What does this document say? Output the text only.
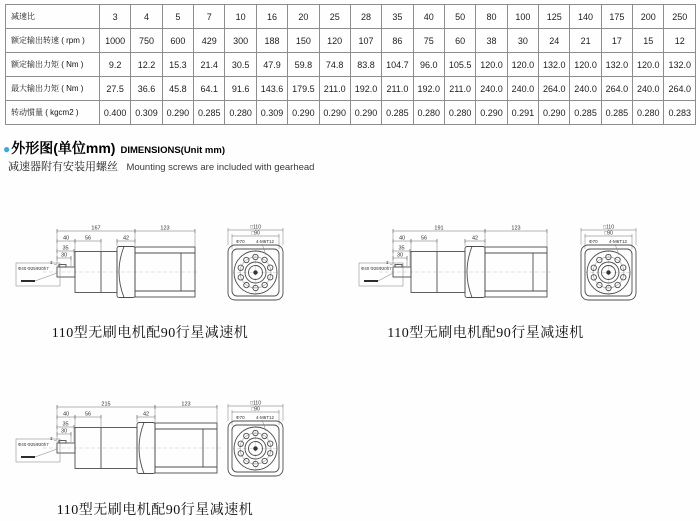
减速比	3	4	5	7	10	16	20	25	28	35	40	50	80	100	125	140	175	200	250
额定输出转速 ( rpm )	1000	750	600	429	300	188	150	120	107	86	75	60	38	30	24	21	17	15	12
额定输出力矩 ( Nm )	9.2	12.2	15.3	21.4	30.5	47.9	59.8	74.8	83.8	104.7	96.0	105.5	120.0	120.0	132.0	120.0	132.0	120.0	132.0
最大输出力矩 ( Nm )	27.5	36.6	45.8	64.1	91.6	143.6	179.5	211.0	192.0	211.0	192.0	211.0	240.0	240.0	264.0	240.0	264.0	240.0	264.0
转动惯量 ( kgcm2 )	0.400	0.309	0.290	0.285	0.280	0.309	0.290	0.290	0.290	0.285	0.280	0.280	0.290	0.291	0.290	0.285	0.285	0.280	0.283
● 外形图(单位mm) DIMENSIONS(Unit mm)
减速器附有安装用螺丝 Mounting screws are included with gearhead
167	123
40	56	42
35
30
3
Φ40 Φ25Φ20h7
□110
□90
Φ70	4-M6T12
191	123
40	56	42
35
30
3
Φ40 Φ25Φ20h7
□110
□90
Φ70	4-M6T12
215	123
40	56	42
35
30
3
Φ40 Φ25Φ20h7
□110
□90
Φ70	4-M6T12
110型无刷电机配90行星减速机	110型无刷电机配90行星减速机
110型无刷电机配90行星减速机
